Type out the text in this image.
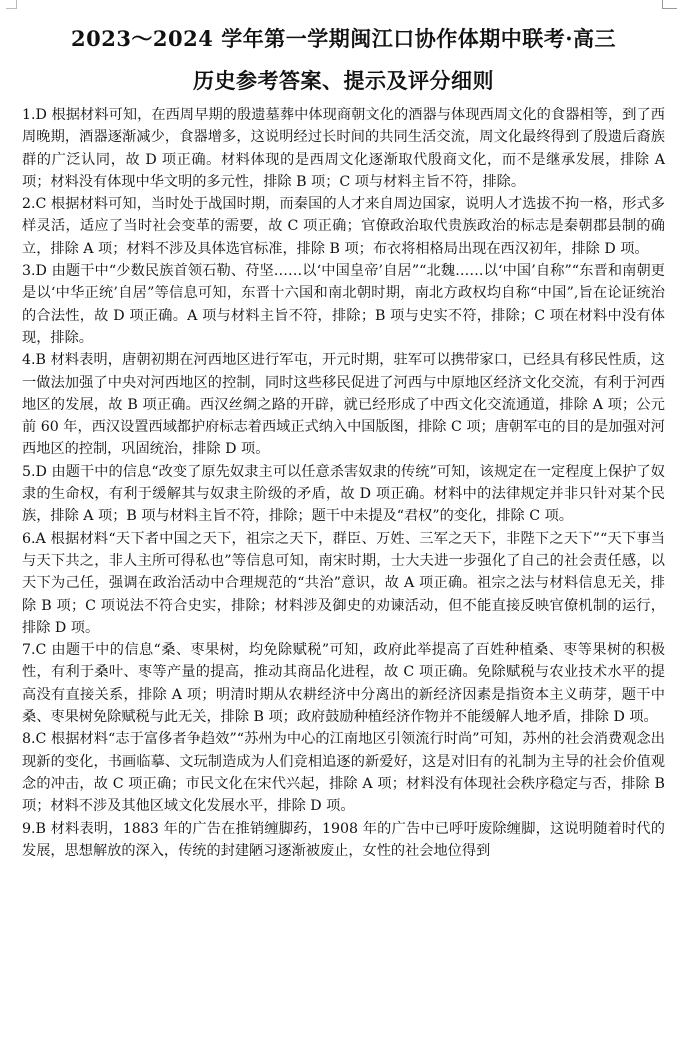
2023～2024 学年第一学期闽江口协作体期中联考·高三
历史参考答案、提示及评分细则

1.D 根据材料可知，在西周早期的殷遗墓葬中体现商朝文化的酒器与体现西周文化的食器相等，到了西周晚期，酒器逐渐减少，食器增多，这说明经过长时间的共同生活交流，周文化最终得到了殷遗后裔族群的广泛认同，故 D 项正确。材料体现的是西周文化逐渐取代殷商文化，而不是继承发展，排除 A 项；材料没有体现中华文明的多元性，排除 B 项；C 项与材料主旨不符，排除。

2.C 根据材料可知，当时处于战国时期，而秦国的人才来自周边国家，说明人才选拔不拘一格，形式多样灵活，适应了当时社会变革的需要，故 C 项正确；官僚政治取代贵族政治的标志是秦朝郡县制的确立，排除 A 项；材料不涉及具体选官标准，排除 B 项；布衣将相格局出现在西汉初年，排除 D 项。

3.D 由题干中“少数民族首领石勒、苻坚……以‘中国皇帝’自居”“北魏……以‘中国’自称”“东晋和南朝更是以‘中华正统’自居”等信息可知，东晋十六国和南北朝时期，南北方政权均自称“中国”,旨在论证统治的合法性，故 D 项正确。A 项与材料主旨不符，排除；B 项与史实不符，排除；C 项在材料中没有体现，排除。

4.B 材料表明，唐朝初期在河西地区进行军屯，开元时期，驻军可以携带家口，已经具有移民性质，这一做法加强了中央对河西地区的控制，同时这些移民促进了河西与中原地区经济文化交流，有利于河西地区的发展，故 B 项正确。西汉丝绸之路的开辟，就已经形成了中西文化交流通道，排除 A 项；公元前 60 年，西汉设置西域都护府标志着西域正式纳入中国版图，排除 C 项；唐朝军屯的目的是加强对河西地区的控制，巩固统治，排除 D 项。

5.D 由题干中的信息“改变了原先奴隶主可以任意杀害奴隶的传统”可知，该规定在一定程度上保护了奴隶的生命权，有利于缓解其与奴隶主阶级的矛盾，故 D 项正确。材料中的法律规定并非只针对某个民族，排除 A 项；B 项与材料主旨不符，排除；题干中未提及“君权”的变化，排除 C 项。

6.A 根据材料“天下者中国之天下，祖宗之天下，群臣、万姓、三军之天下，非陛下之天下”“天下事当与天下共之，非人主所可得私也”等信息可知，南宋时期，士大夫进一步强化了自己的社会责任感，以天下为己任，强调在政治活动中合理规范的“共治”意识，故 A 项正确。祖宗之法与材料信息无关，排除 B 项；C 项说法不符合史实，排除；材料涉及御史的劝谏活动，但不能直接反映官僚机制的运行，排除 D 项。

7.C 由题干中的信息“桑、枣果树，均免除赋税”可知，政府此举提高了百姓种植桑、枣等果树的积极性，有利于桑叶、枣等产量的提高，推动其商品化进程，故 C 项正确。免除赋税与农业技术水平的提高没有直接关系，排除 A 项；明清时期从农耕经济中分离出的新经济因素是指资本主义萌芽，题干中桑、枣果树免除赋税与此无关，排除 B 项；政府鼓励种植经济作物并不能缓解人地矛盾，排除 D 项。

8.C 根据材料“志于富侈者争趋效”“苏州为中心的江南地区引领流行时尚”可知，苏州的社会消费观念出现新的变化，书画临摹、文玩制造成为人们竞相追逐的新爱好，这是对旧有的礼制为主导的社会价值观念的冲击，故 C 项正确；市民文化在宋代兴起，排除 A 项；材料没有体现社会秩序稳定与否，排除 B 项；材料不涉及其他区域文化发展水平，排除 D 项。

9.B 材料表明，1883 年的广告在推销缠脚药，1908 年的广告中已呼吁废除缠脚，这说明随着时代的发展，思想解放的深入，传统的封建陋习逐渐被废止，女性的社会地位得到
